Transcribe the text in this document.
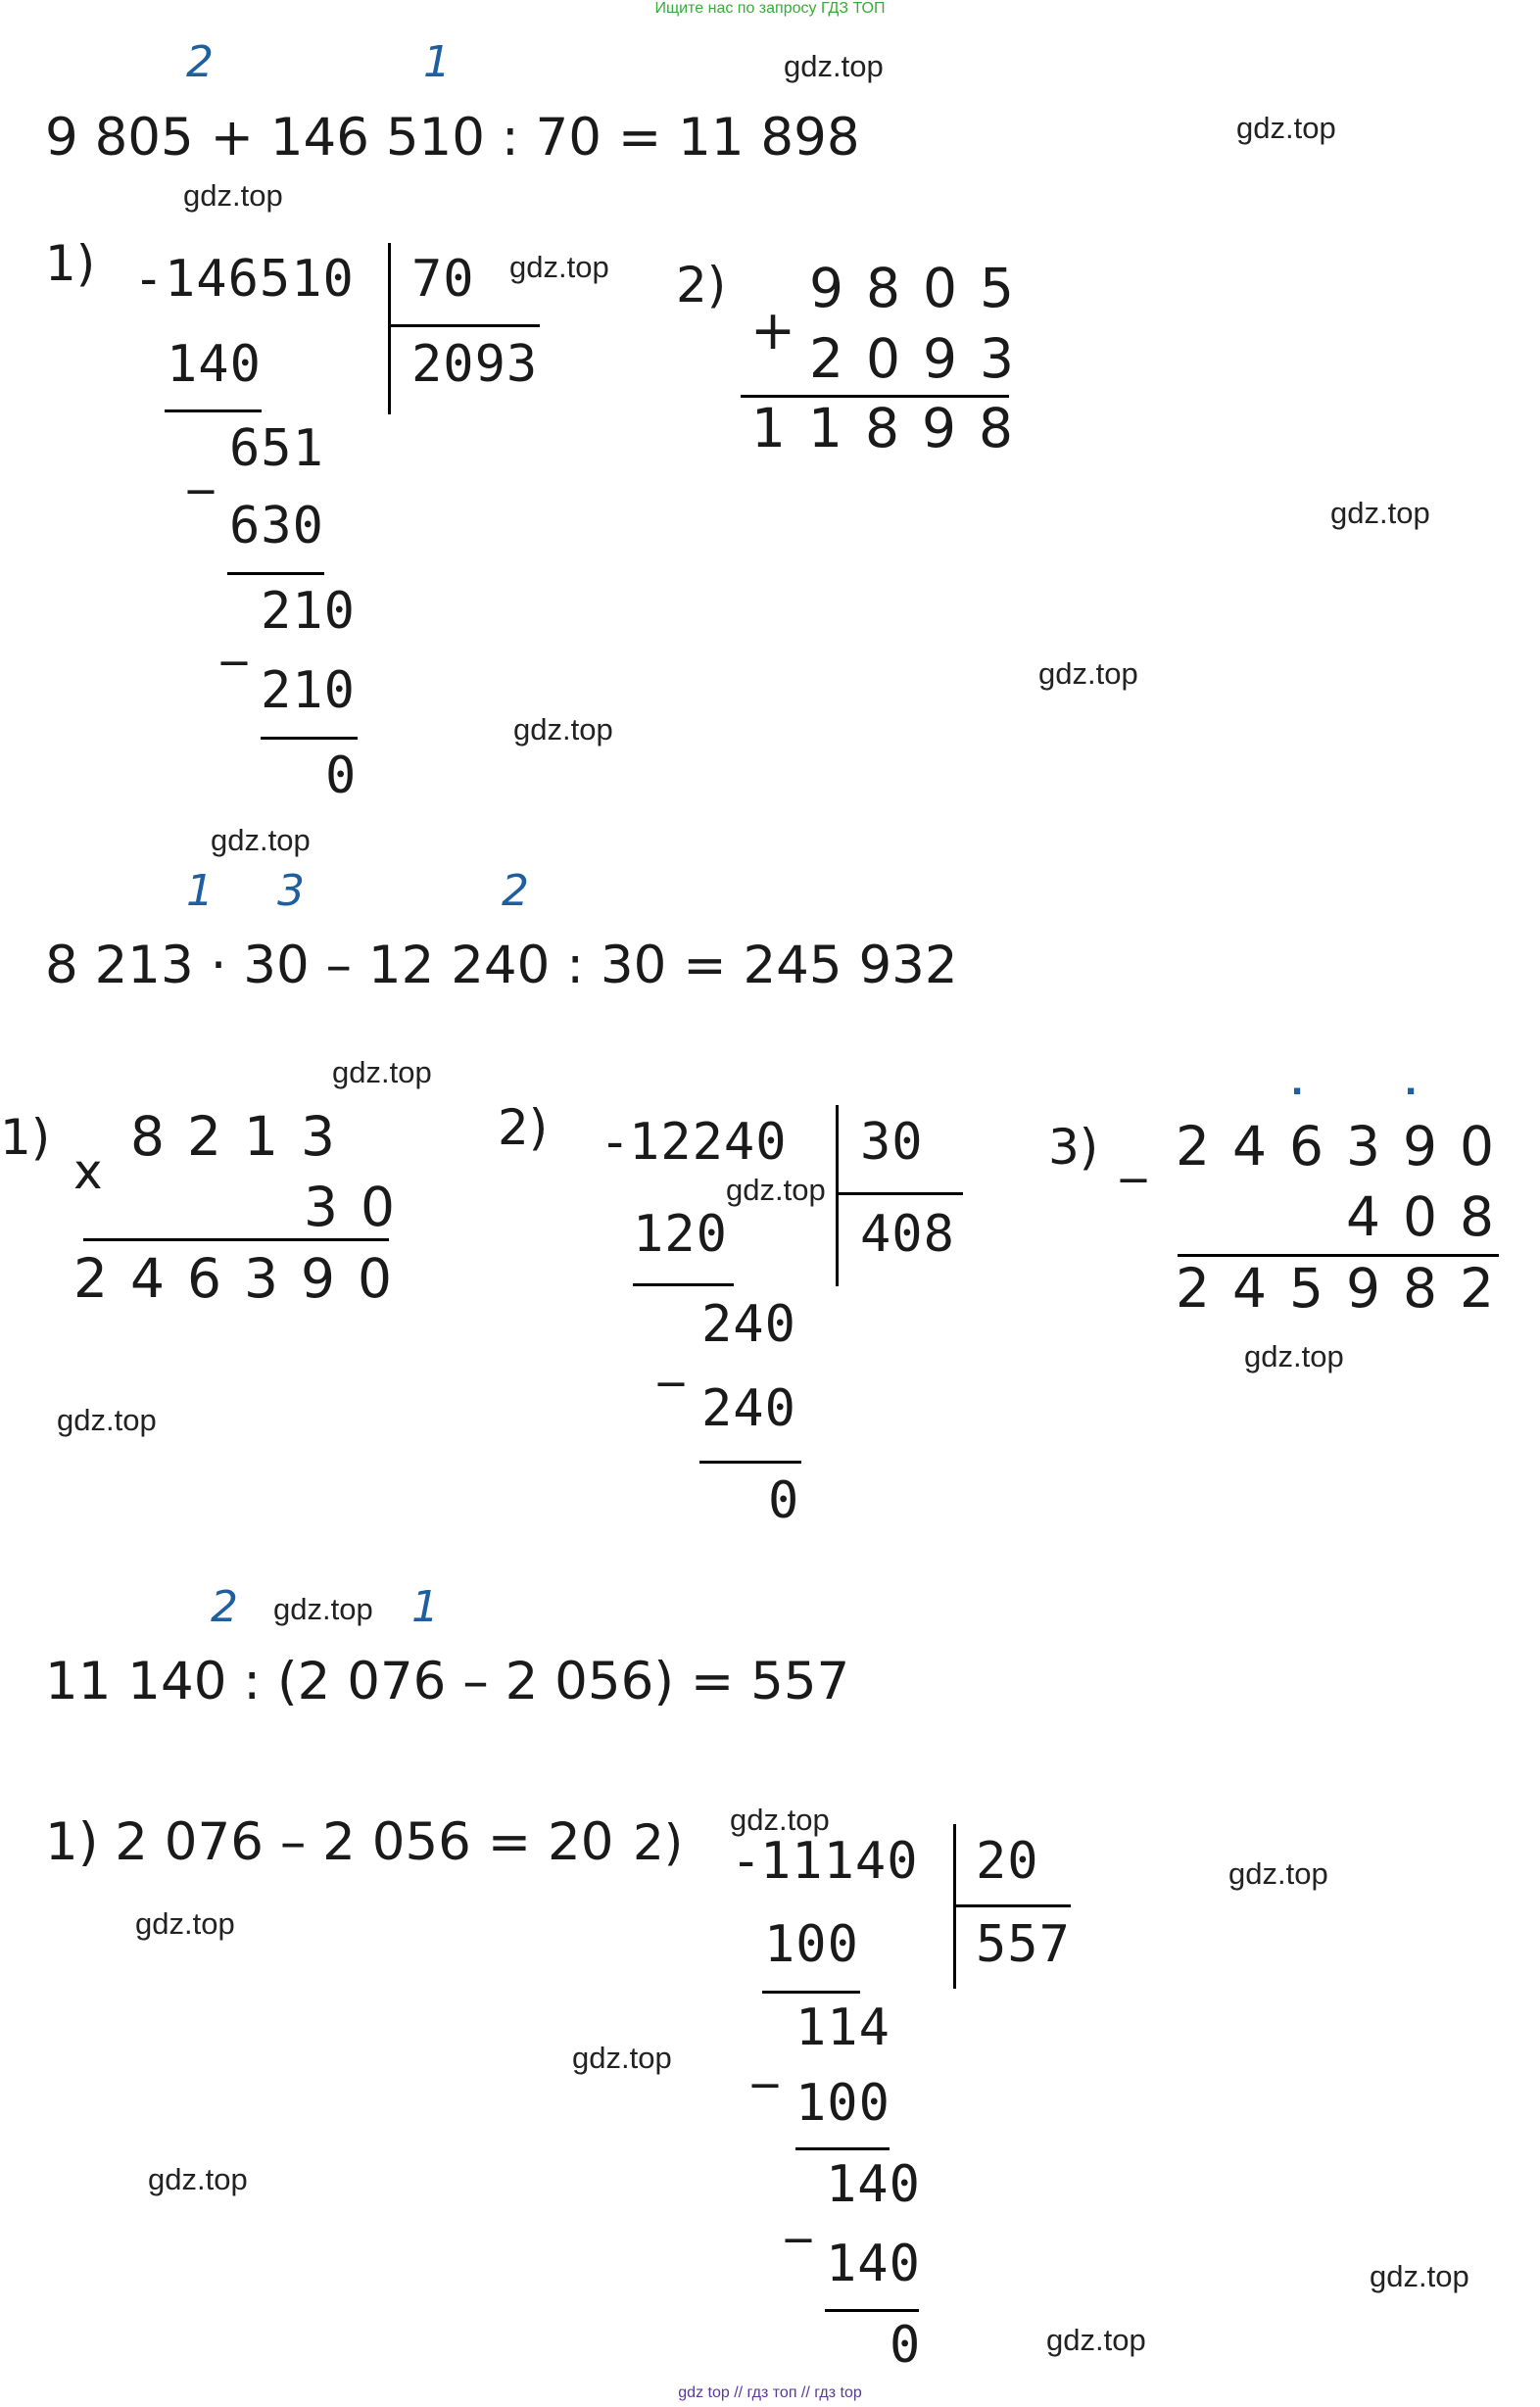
Ищите нас по запросу ГДЗ ТОП
gdz top // гдз топ // гдз top
gdz.top
gdz.top
gdz.top
gdz.top
gdz.top
gdz.top
gdz.top
gdz.top
gdz.top
gdz.top
gdz.top
gdz.top
gdz.top
gdz.top
gdz.top
gdz.top
gdz.top
gdz.top
gdz.top
gdz.top
2	1
9 805 + 146 510 : 70 = 11 898
1) - 146510 70
2093
140
_ 651
630
_ 210
210
0
2)
+
9805
2093
11898
1 3	2
8 213 · 30 – 12 240 : 30 = 245 932
1)
x
8213
30
246390
2) -
12240 30
408
120
_
240
240
0
3) _
. .
246390
408
245982
2	1
11 140 : (2 076 – 2 056) = 557
1) 2 076 – 2 056 = 20 2) -
11140 20
557
100
_
114
100
_ 140
140
0
